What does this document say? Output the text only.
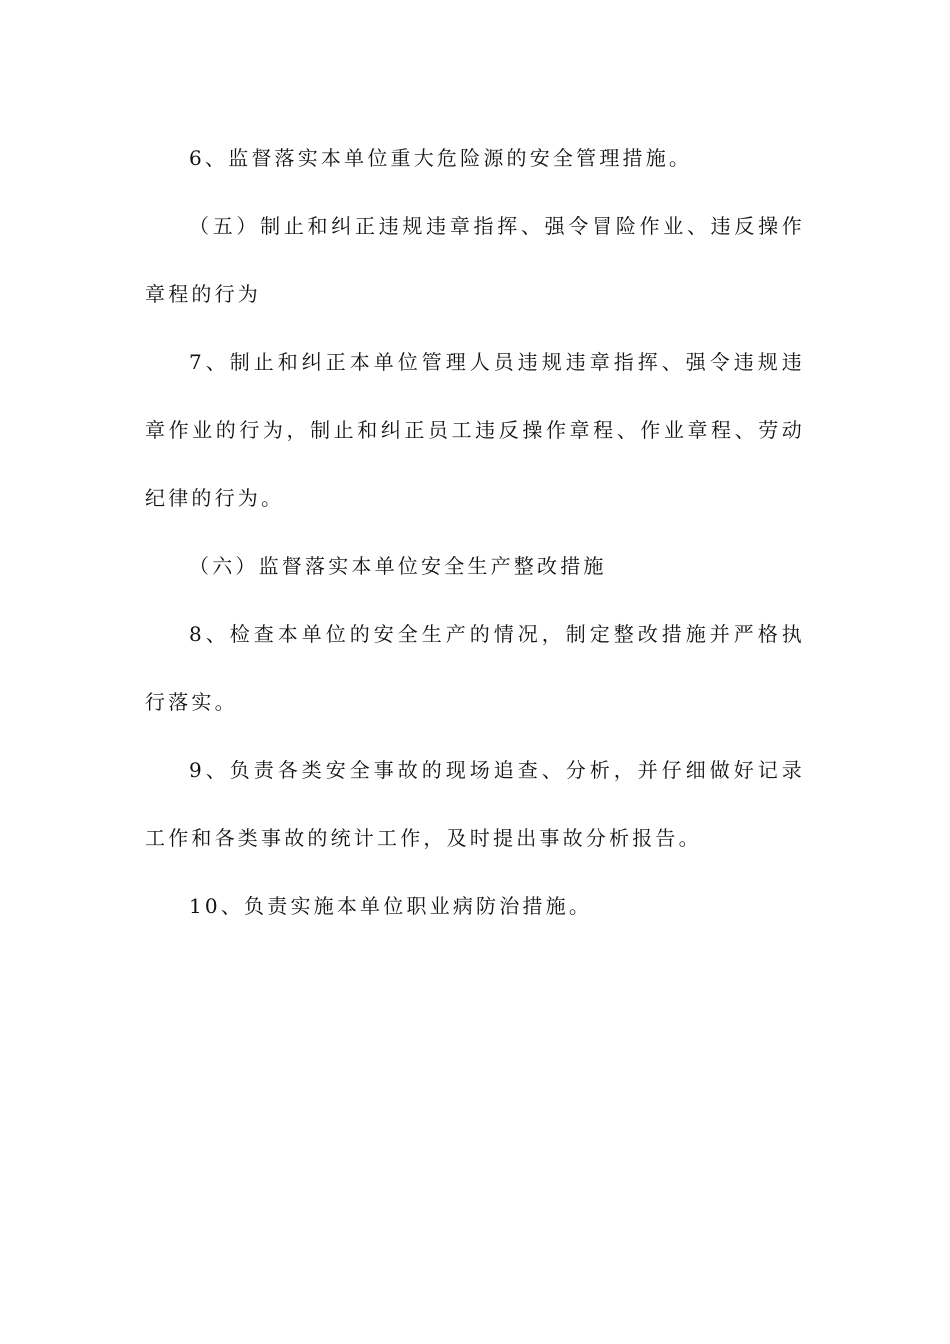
6、监督落实本单位重大危险源的安全管理措施。

（五）制止和纠正违规违章指挥、强令冒险作业、违反操作章程的行为

7、制止和纠正本单位管理人员违规违章指挥、强令违规违章作业的行为，制止和纠正员工违反操作章程、作业章程、劳动纪律的行为。

（六）监督落实本单位安全生产整改措施

8、检查本单位的安全生产的情况，制定整改措施并严格执行落实。

9、负责各类安全事故的现场追查、分析，并仔细做好记录工作和各类事故的统计工作，及时提出事故分析报告。

10、负责实施本单位职业病防治措施。
